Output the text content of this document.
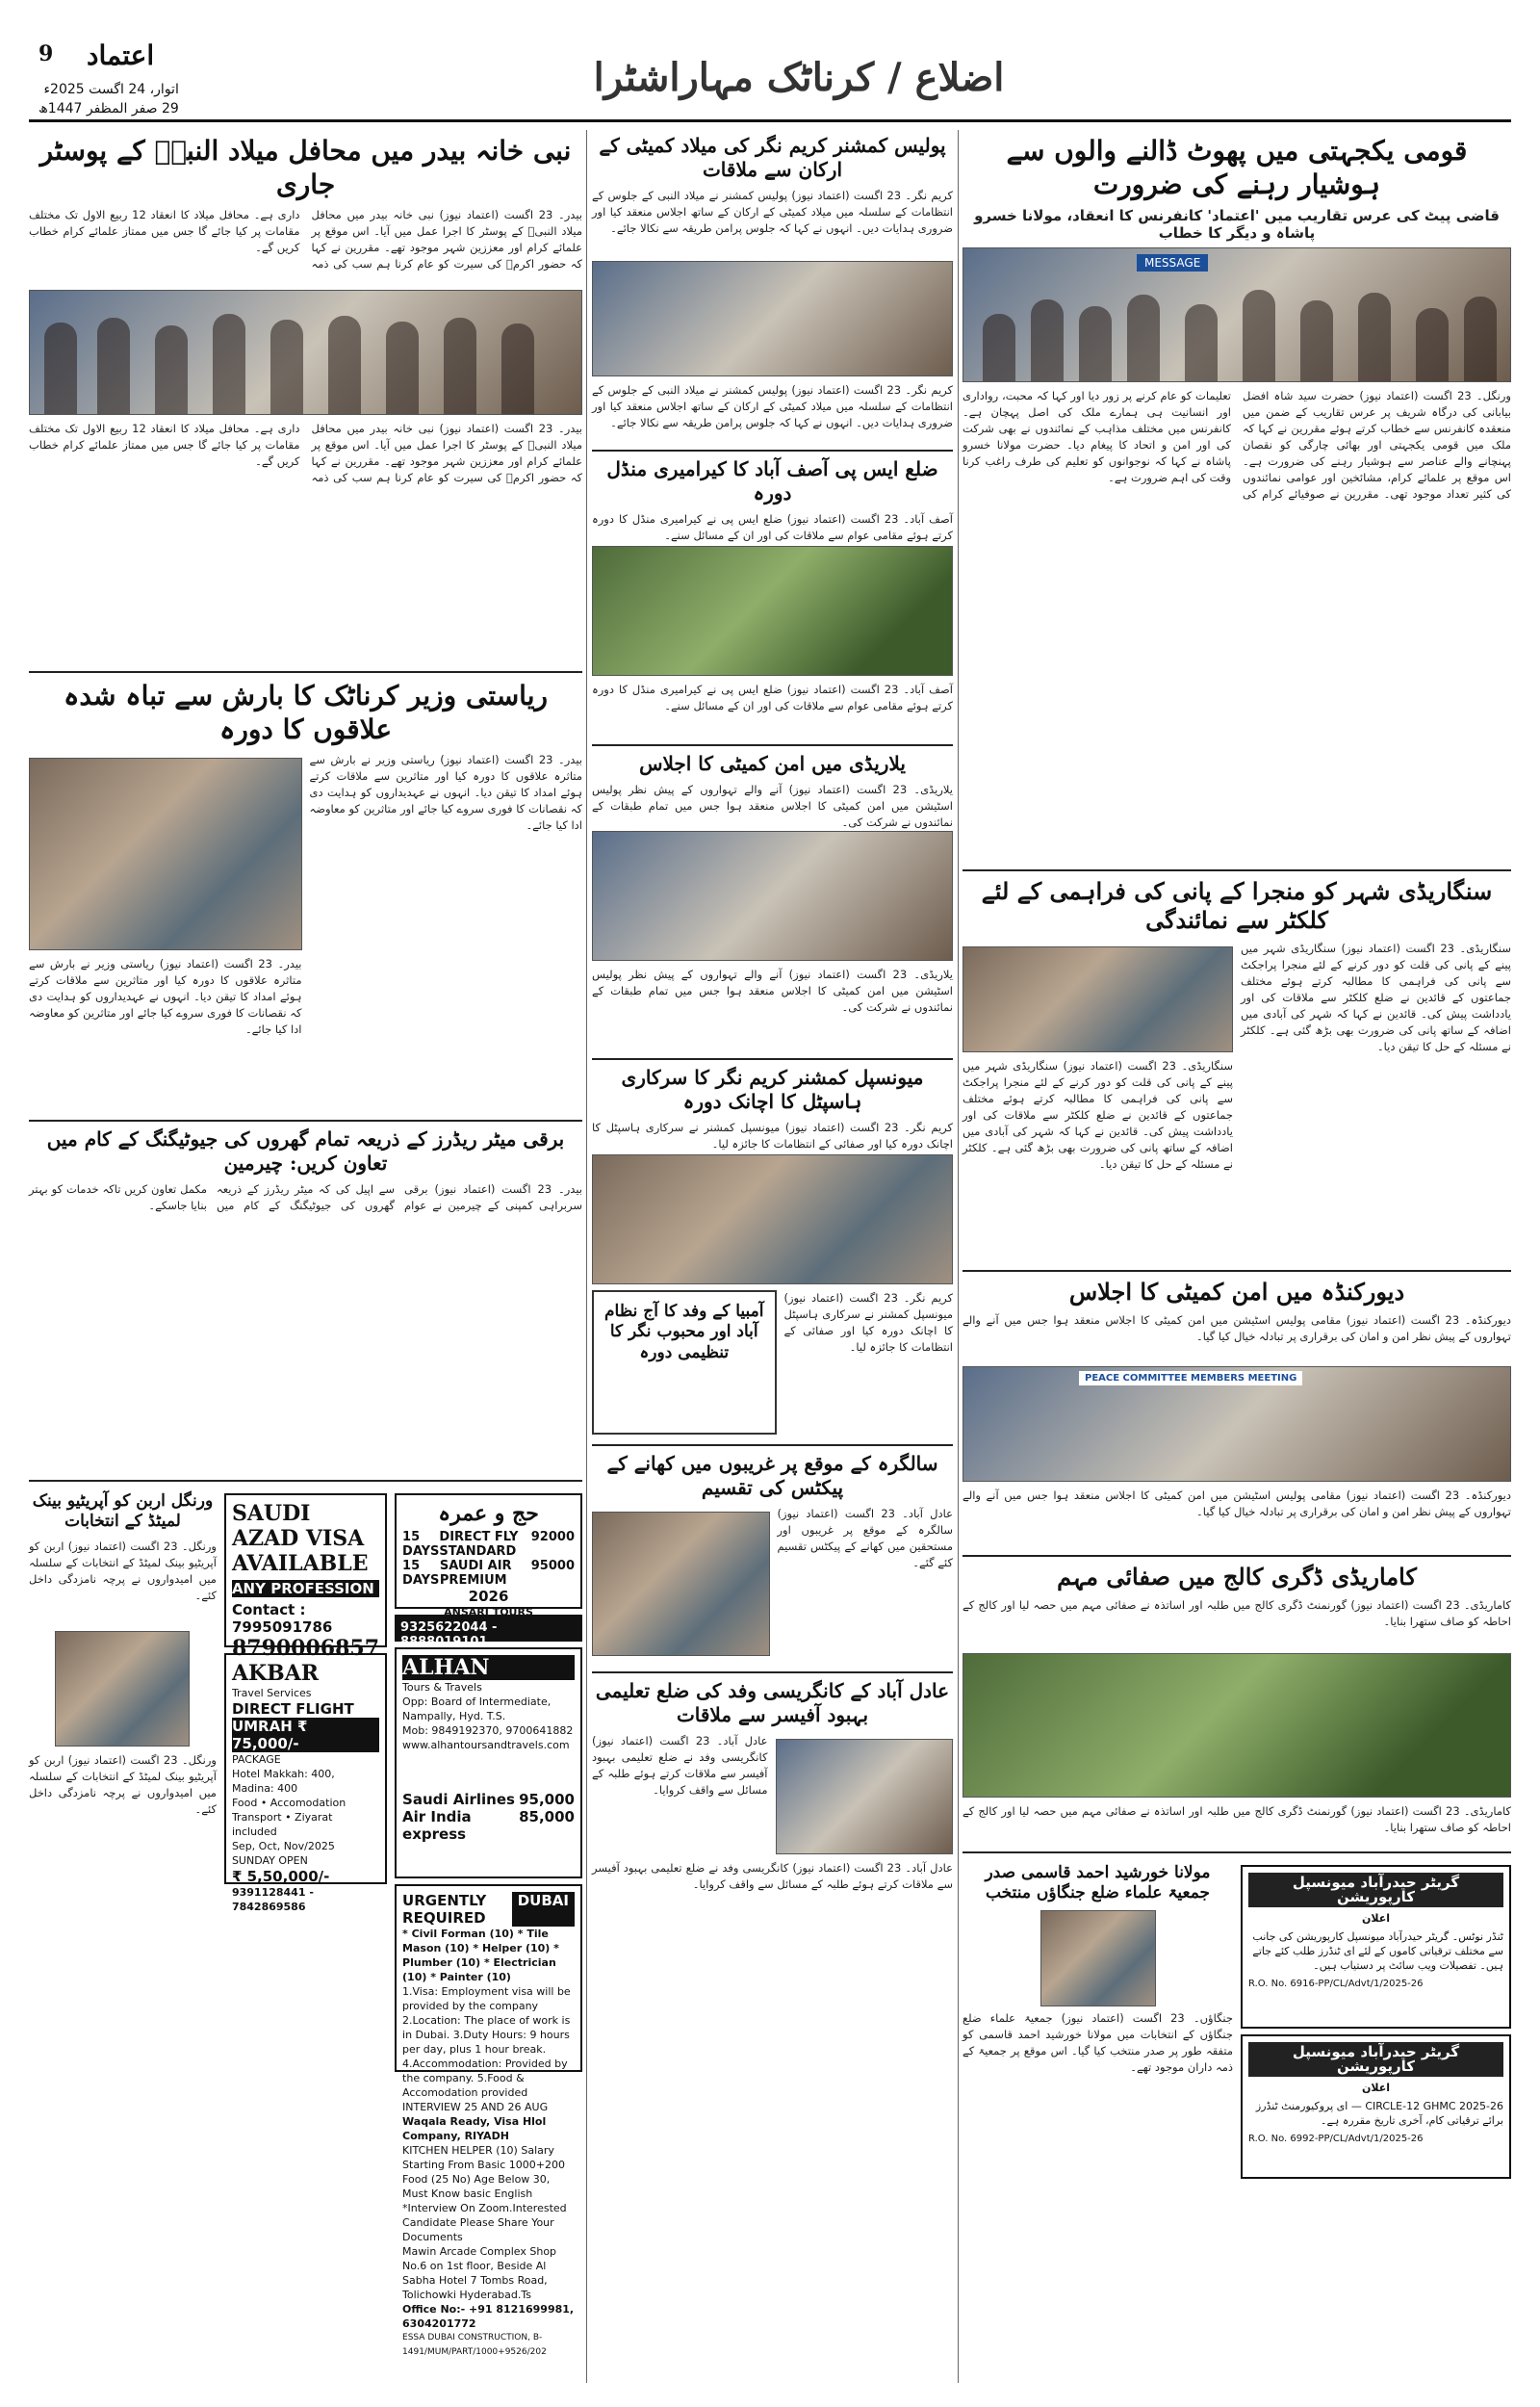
9 اعتماد
اتوار، 24 اگست 2025ء
29 صفر المظفر 1447ھ
اضلاع / کرناٹک مہاراشٹرا
قومی یکجہتی میں پھوٹ ڈالنے والوں سے ہوشیار رہنے کی ضرورت
قاضی پیٹ کی عرس تقاریب میں 'اعتماد' کانفرنس کا انعقاد، مولانا خسرو پاشاہ و دیگر کا خطاب
MESSAGE
ورنگل۔ 23 اگست (اعتماد نیوز) حضرت سید شاہ افضل بیابانی کی درگاہ شریف پر عرس تقاریب کے ضمن میں منعقدہ کانفرنس سے خطاب کرتے ہوئے مقررین نے کہا کہ ملک میں قومی یکجہتی اور بھائی چارگی کو نقصان پہنچانے والے عناصر سے ہوشیار رہنے کی ضرورت ہے۔ اس موقع پر علمائے کرام، مشائخین اور عوامی نمائندوں کی کثیر تعداد موجود تھی۔ مقررین نے صوفیائے کرام کی تعلیمات کو عام کرنے پر زور دیا اور کہا کہ محبت، رواداری اور انسانیت ہی ہمارے ملک کی اصل پہچان ہے۔ کانفرنس میں مختلف مذاہب کے نمائندوں نے بھی شرکت کی اور امن و اتحاد کا پیغام دیا۔ حضرت مولانا خسرو پاشاہ نے کہا کہ نوجوانوں کو تعلیم کی طرف راغب کرنا وقت کی اہم ضرورت ہے۔
سنگاریڈی شہر کو منجرا کے پانی کی فراہمی کے لئے کلکٹر سے نمائندگی
سنگاریڈی۔ 23 اگست (اعتماد نیوز) سنگاریڈی شہر میں پینے کے پانی کی قلت کو دور کرنے کے لئے منجرا پراجکٹ سے پانی کی فراہمی کا مطالبہ کرتے ہوئے مختلف جماعتوں کے قائدین نے ضلع کلکٹر سے ملاقات کی اور یادداشت پیش کی۔ قائدین نے کہا کہ شہر کی آبادی میں اضافہ کے ساتھ پانی کی ضرورت بھی بڑھ گئی ہے۔ کلکٹر نے مسئلہ کے حل کا تیقن دیا۔
سنگاریڈی۔ 23 اگست (اعتماد نیوز) سنگاریڈی شہر میں پینے کے پانی کی قلت کو دور کرنے کے لئے منجرا پراجکٹ سے پانی کی فراہمی کا مطالبہ کرتے ہوئے مختلف جماعتوں کے قائدین نے ضلع کلکٹر سے ملاقات کی اور یادداشت پیش کی۔ قائدین نے کہا کہ شہر کی آبادی میں اضافہ کے ساتھ پانی کی ضرورت بھی بڑھ گئی ہے۔ کلکٹر نے مسئلہ کے حل کا تیقن دیا۔
دیورکنڈہ میں امن کمیٹی کا اجلاس
دیورکنڈہ۔ 23 اگست (اعتماد نیوز) مقامی پولیس اسٹیشن میں امن کمیٹی کا اجلاس منعقد ہوا جس میں آنے والے تہواروں کے پیش نظر امن و امان کی برقراری پر تبادلہ خیال کیا گیا۔
PEACE COMMITTEE MEMBERS MEETING
دیورکنڈہ۔ 23 اگست (اعتماد نیوز) مقامی پولیس اسٹیشن میں امن کمیٹی کا اجلاس منعقد ہوا جس میں آنے والے تہواروں کے پیش نظر امن و امان کی برقراری پر تبادلہ خیال کیا گیا۔
کاماریڈی ڈگری کالج میں صفائی مہم
کاماریڈی۔ 23 اگست (اعتماد نیوز) گورنمنٹ ڈگری کالج میں طلبہ اور اساتذہ نے صفائی مہم میں حصہ لیا اور کالج کے احاطہ کو صاف ستھرا بنایا۔
کاماریڈی۔ 23 اگست (اعتماد نیوز) گورنمنٹ ڈگری کالج میں طلبہ اور اساتذہ نے صفائی مہم میں حصہ لیا اور کالج کے احاطہ کو صاف ستھرا بنایا۔
گریٹر حیدرآباد میونسپل کارپوریشن
اعلان
ٹنڈر نوٹس۔ گریٹر حیدرآباد میونسپل کارپوریشن کی جانب سے مختلف ترقیاتی کاموں کے لئے ای ٹنڈرز طلب کئے جاتے ہیں۔ تفصیلات ویب سائٹ پر دستیاب ہیں۔
R.O. No. 6916-PP/CL/Advt/1/2025-26
گریٹر حیدرآباد میونسپل کارپوریشن
اعلان
CIRCLE-12 GHMC 2025-26 — ای پروکیورمنٹ ٹنڈرز برائے ترقیاتی کام، آخری تاریخ مقررہ ہے۔
R.O. No. 6992-PP/CL/Advt/1/2025-26
مولانا خورشید احمد قاسمی صدر جمعیۃ علماء ضلع جنگاؤں منتخب
جنگاؤں۔ 23 اگست (اعتماد نیوز) جمعیۃ علماء ضلع جنگاؤں کے انتخابات میں مولانا خورشید احمد قاسمی کو متفقہ طور پر صدر منتخب کیا گیا۔ اس موقع پر جمعیۃ کے ذمہ داران موجود تھے۔
پولیس کمشنر کریم نگر کی میلاد کمیٹی کے ارکان سے ملاقات
کریم نگر۔ 23 اگست (اعتماد نیوز) پولیس کمشنر نے میلاد النبی کے جلوس کے انتظامات کے سلسلہ میں میلاد کمیٹی کے ارکان کے ساتھ اجلاس منعقد کیا اور ضروری ہدایات دیں۔ انہوں نے کہا کہ جلوس پرامن طریقہ سے نکالا جائے۔
کریم نگر۔ 23 اگست (اعتماد نیوز) پولیس کمشنر نے میلاد النبی کے جلوس کے انتظامات کے سلسلہ میں میلاد کمیٹی کے ارکان کے ساتھ اجلاس منعقد کیا اور ضروری ہدایات دیں۔ انہوں نے کہا کہ جلوس پرامن طریقہ سے نکالا جائے۔
ضلع ایس پی آصف آباد کا کیرامیری منڈل دورہ
آصف آباد۔ 23 اگست (اعتماد نیوز) ضلع ایس پی نے کیرامیری منڈل کا دورہ کرتے ہوئے مقامی عوام سے ملاقات کی اور ان کے مسائل سنے۔
آصف آباد۔ 23 اگست (اعتماد نیوز) ضلع ایس پی نے کیرامیری منڈل کا دورہ کرتے ہوئے مقامی عوام سے ملاقات کی اور ان کے مسائل سنے۔
یلاریڈی میں امن کمیٹی کا اجلاس
یلاریڈی۔ 23 اگست (اعتماد نیوز) آنے والے تہواروں کے پیش نظر پولیس اسٹیشن میں امن کمیٹی کا اجلاس منعقد ہوا جس میں تمام طبقات کے نمائندوں نے شرکت کی۔
یلاریڈی۔ 23 اگست (اعتماد نیوز) آنے والے تہواروں کے پیش نظر پولیس اسٹیشن میں امن کمیٹی کا اجلاس منعقد ہوا جس میں تمام طبقات کے نمائندوں نے شرکت کی۔
میونسپل کمشنر کریم نگر کا سرکاری ہاسپٹل کا اچانک دورہ
کریم نگر۔ 23 اگست (اعتماد نیوز) میونسپل کمشنر نے سرکاری ہاسپٹل کا اچانک دورہ کیا اور صفائی کے انتظامات کا جائزہ لیا۔
کریم نگر۔ 23 اگست (اعتماد نیوز) میونسپل کمشنر نے سرکاری ہاسپٹل کا اچانک دورہ کیا اور صفائی کے انتظامات کا جائزہ لیا۔
آمبیا کے وفد کا آج نظام آباد اور محبوب نگر کا تنظیمی دورہ
سالگرہ کے موقع پر غریبوں میں کھانے کے پیکٹس کی تقسیم
عادل آباد۔ 23 اگست (اعتماد نیوز) سالگرہ کے موقع پر غریبوں اور مستحقین میں کھانے کے پیکٹس تقسیم کئے گئے۔
عادل آباد کے کانگریسی وفد کی ضلع تعلیمی بہبود آفیسر سے ملاقات
عادل آباد۔ 23 اگست (اعتماد نیوز) کانگریسی وفد نے ضلع تعلیمی بہبود آفیسر سے ملاقات کرتے ہوئے طلبہ کے مسائل سے واقف کروایا۔
عادل آباد۔ 23 اگست (اعتماد نیوز) کانگریسی وفد نے ضلع تعلیمی بہبود آفیسر سے ملاقات کرتے ہوئے طلبہ کے مسائل سے واقف کروایا۔
نبی خانہ بیدر میں محافل میلاد النبیؐ کے پوسٹر جاری
بیدر۔ 23 اگست (اعتماد نیوز) نبی خانہ بیدر میں محافل میلاد النبیؐ کے پوسٹر کا اجرا عمل میں آیا۔ اس موقع پر علمائے کرام اور معززین شہر موجود تھے۔ مقررین نے کہا کہ حضور اکرمؐ کی سیرت کو عام کرنا ہم سب کی ذمہ داری ہے۔ محافل میلاد کا انعقاد 12 ربیع الاول تک مختلف مقامات پر کیا جائے گا جس میں ممتاز علمائے کرام خطاب کریں گے۔
بیدر۔ 23 اگست (اعتماد نیوز) نبی خانہ بیدر میں محافل میلاد النبیؐ کے پوسٹر کا اجرا عمل میں آیا۔ اس موقع پر علمائے کرام اور معززین شہر موجود تھے۔ مقررین نے کہا کہ حضور اکرمؐ کی سیرت کو عام کرنا ہم سب کی ذمہ داری ہے۔ محافل میلاد کا انعقاد 12 ربیع الاول تک مختلف مقامات پر کیا جائے گا جس میں ممتاز علمائے کرام خطاب کریں گے۔
ریاستی وزیر کرناٹک کا بارش سے تباہ شدہ علاقوں کا دورہ
بیدر۔ 23 اگست (اعتماد نیوز) ریاستی وزیر نے بارش سے متاثرہ علاقوں کا دورہ کیا اور متاثرین سے ملاقات کرتے ہوئے امداد کا تیقن دیا۔ انہوں نے عہدیداروں کو ہدایت دی کہ نقصانات کا فوری سروے کیا جائے اور متاثرین کو معاوضہ ادا کیا جائے۔
بیدر۔ 23 اگست (اعتماد نیوز) ریاستی وزیر نے بارش سے متاثرہ علاقوں کا دورہ کیا اور متاثرین سے ملاقات کرتے ہوئے امداد کا تیقن دیا۔ انہوں نے عہدیداروں کو ہدایت دی کہ نقصانات کا فوری سروے کیا جائے اور متاثرین کو معاوضہ ادا کیا جائے۔
برقی میٹر ریڈرز کے ذریعہ تمام گھروں کی جیوٹیگنگ کے کام میں تعاون کریں: چیرمین
بیدر۔ 23 اگست (اعتماد نیوز) برقی سربراہی کمپنی کے چیرمین نے عوام سے اپیل کی کہ میٹر ریڈرز کے ذریعہ گھروں کی جیوٹیگنگ کے کام میں مکمل تعاون کریں تاکہ خدمات کو بہتر بنایا جاسکے۔
حج و عمرہ
15 DAYS
DIRECT FLY STANDARD
92000
15 DAYS
SAUDI AIR PREMIUM
95000
2026
ANSARI TOURS
9325622044 - 8888019101
ALHAN
Tours & Travels
Opp: Board of Intermediate, Nampally, Hyd. T.S.
Mob: 9849192370, 9700641882
www.alhantoursandtravels.com
Saudi Airlines 95,000
Air India express
85,000
URGENTLY REQUIRED
DUBAI
* Civil Forman (10) * Tile Mason (10) * Helper (10) * Plumber (10) * Electrician (10) * Painter (10)
1.Visa: Employment visa will be provided by the company 2.Location: The place of work is in Dubai. 3.Duty Hours: 9 hours per day, plus 1 hour break. 4.Accommodation: Provided by the company. 5.Food & Accomodation provided INTERVIEW 25 AND 26 AUG
Waqala Ready, Visa Hlol Company, RIYADH
KITCHEN HELPER (10) Salary Starting From Basic 1000+200 Food (25 No) Age Below 30, Must Know basic English *Interview On Zoom.Interested Candidate Please Share Your Documents
Mawin Arcade Complex Shop No.6 on 1st floor, Beside Al Sabha Hotel 7 Tombs Road, Tolichowki Hyderabad.Ts
Office No:- +91 8121699981, 6304201772
ESSA DUBAI CONSTRUCTION, B-1491/MUM/PART/1000+9526/202
SAUDI AZAD VISA AVAILABLE
ANY PROFESSION
Contact : 7995091786
8790006857
AKBAR
Travel Services
DIRECT FLIGHT
UMRAH ₹ 75,000/-
PACKAGE
Hotel Makkah: 400, Madina: 400
Food • Accomodation
Transport • Ziyarat included
Sep, Oct, Nov/2025 SUNDAY OPEN
₹ 5,50,000/-
9391128441 - 7842869586
ورنگل اربن کو آپریٹیو بینک لمیٹڈ کے انتخابات
ورنگل۔ 23 اگست (اعتماد نیوز) اربن کو آپریٹیو بینک لمیٹڈ کے انتخابات کے سلسلہ میں امیدواروں نے پرچہ نامزدگی داخل کئے۔
ورنگل۔ 23 اگست (اعتماد نیوز) اربن کو آپریٹیو بینک لمیٹڈ کے انتخابات کے سلسلہ میں امیدواروں نے پرچہ نامزدگی داخل کئے۔
